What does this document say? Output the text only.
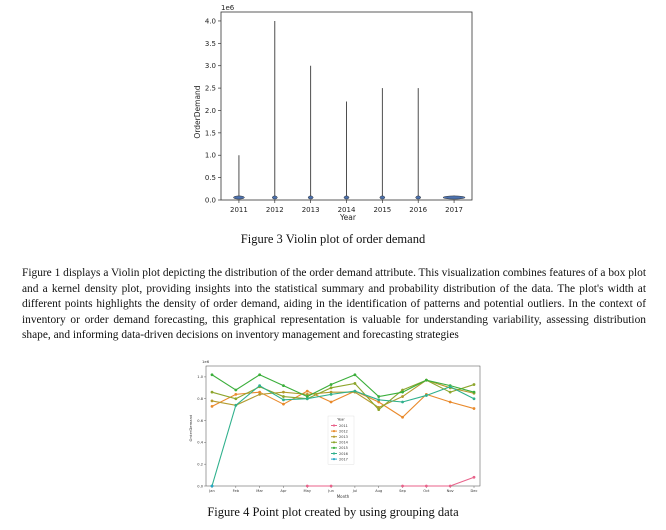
0.0
0.5
1.0
1.5
2.0
2.5
3.0
3.5
4.0
2011	2012	2013	2014	2015	2016	2017
1e6
Year
OrderDemand
Figure 3 Violin plot of order demand

Figure 1 displays a Violin plot depicting the distribution of the order demand attribute. This visualization combines features of a box plot and a kernel density plot, providing insights into the statistical summary and probability distribution of the data. The plot's width at different points highlights the density of order demand, aiding in the identification of patterns and potential outliers. In the context of inventory or order demand forecasting, this graphical representation is valuable for understanding variability, assessing distribution shape, and informing data-driven decisions on inventory management and forecasting strategies

0.0
0.2
0.4
0.6
0.8
1.0
Jan	Feb	Mar	Apr	May	Jun	Jul	Aug	Sep	Oct	Nov	Dec
Year
2011
2012
2013
2014
2015
2016
2017
1e6
Month
OrderDemand
Figure 4 Point plot created by using grouping data
